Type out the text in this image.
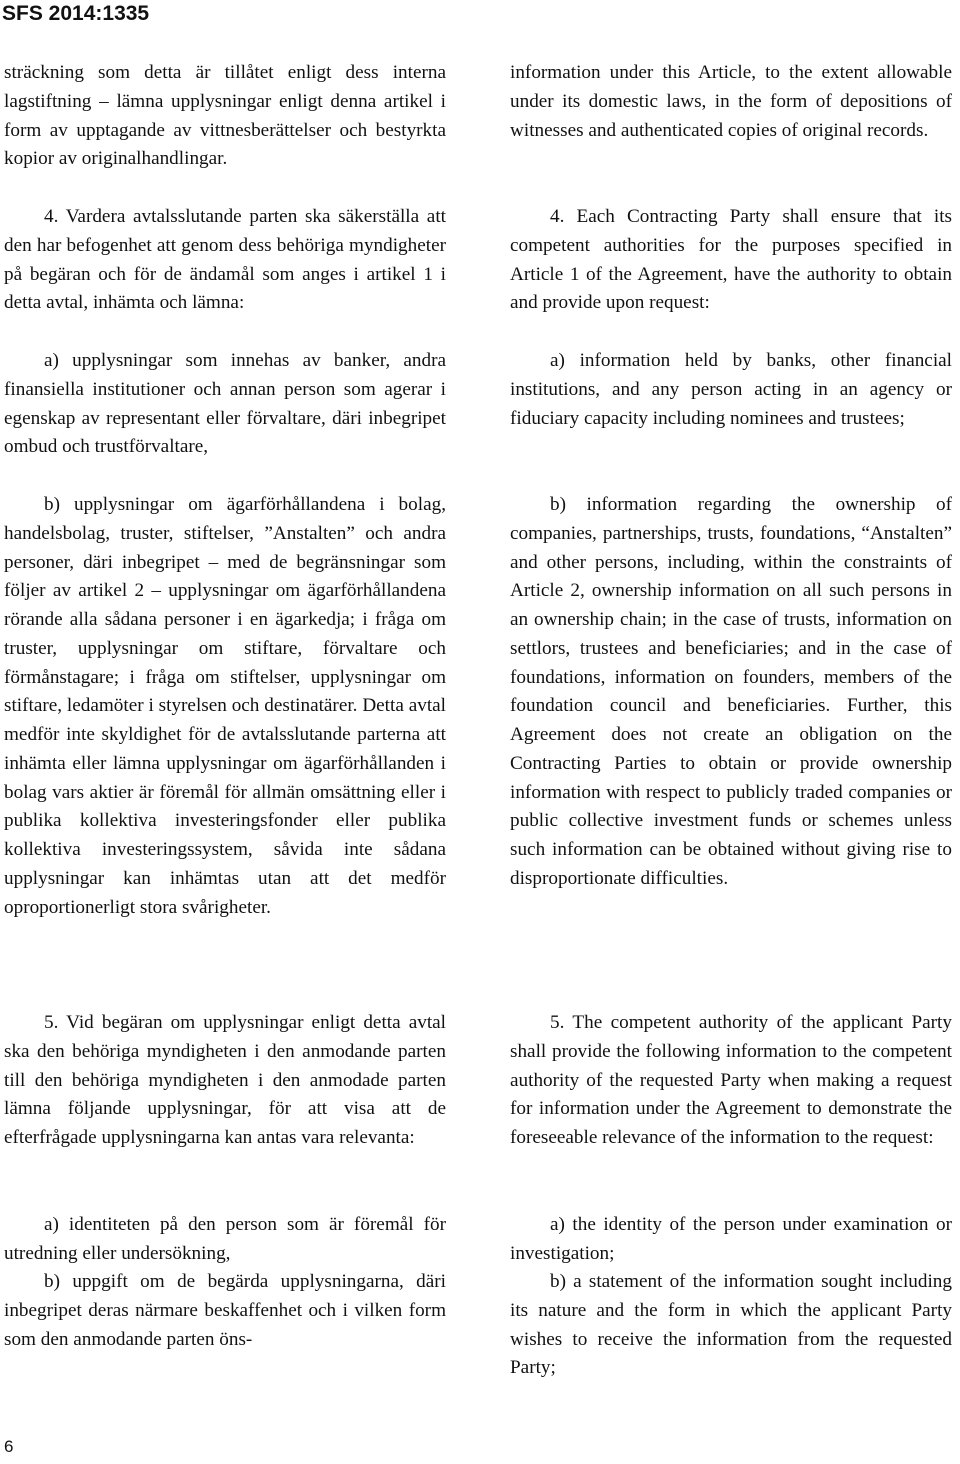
SFS 2014:1335

sträckning som detta är tillåtet enligt dess interna lagstiftning – lämna upplysningar enligt denna artikel i form av upptagande av vittnesberättelser och bestyrkta kopior av originalhandlingar.

4. Vardera avtalsslutande parten ska säkerställa att den har befogenhet att genom dess behöriga myndigheter på begäran och för de ändamål som anges i artikel 1 i detta avtal, inhämta och lämna:

a) upplysningar som innehas av banker, andra finansiella institutioner och annan person som agerar i egenskap av representant eller förvaltare, däri inbegripet ombud och trustförvaltare,

b) upplysningar om ägarförhållandena i bolag, handelsbolag, truster, stiftelser, ”Anstalten” och andra personer, däri inbegripet – med de begränsningar som följer av artikel 2 – upplysningar om ägarförhållandena rörande alla sådana personer i en ägarkedja; i fråga om truster, upplysningar om stiftare, förvaltare och förmånstagare; i fråga om stiftelser, upplysningar om stiftare, ledamöter i styrelsen och destinatärer. Detta avtal medför inte skyldighet för de avtalsslutande parterna att inhämta eller lämna upplysningar om ägarförhållanden i bolag vars aktier är föremål för allmän omsättning eller i publika kollektiva investeringsfonder eller publika kollektiva investeringssystem, såvida inte sådana upplysningar kan inhämtas utan att det medför oproportionerligt stora svårigheter.

5. Vid begäran om upplysningar enligt detta avtal ska den behöriga myndigheten i den anmodande parten till den behöriga myndigheten i den anmodade parten lämna följande upplysningar, för att visa att de efterfrågade upplysningarna kan antas vara relevanta:

a) identiteten på den person som är föremål för utredning eller undersökning,

b) uppgift om de begärda upplysningarna, däri inbegripet deras närmare beskaffenhet och i vilken form som den anmodande parten öns-

information under this Article, to the extent allowable under its domestic laws, in the form of depositions of witnesses and authenticated copies of original records.

4. Each Contracting Party shall ensure that its competent authorities for the purposes specified in Article 1 of the Agreement, have the authority to obtain and provide upon request:

a) information held by banks, other financial institutions, and any person acting in an agency or fiduciary capacity including nominees and trustees;

b) information regarding the ownership of companies, partnerships, trusts, foundations, “Anstalten” and other persons, including, within the constraints of Article 2, ownership information on all such persons in an ownership chain; in the case of trusts, information on settlors, trustees and beneficiaries; and in the case of foundations, information on founders, members of the foundation council and beneficiaries. Further, this Agreement does not create an obligation on the Contracting Parties to obtain or provide ownership information with respect to publicly traded companies or public collective investment funds or schemes unless such information can be obtained without giving rise to disproportionate difficulties.

5. The competent authority of the applicant Party shall provide the following information to the competent authority of the requested Party when making a request for information under the Agreement to demonstrate the foreseeable relevance of the information to the request:

a) the identity of the person under examination or investigation;

b) a statement of the information sought including its nature and the form in which the applicant Party wishes to receive the information from the requested Party;

6
